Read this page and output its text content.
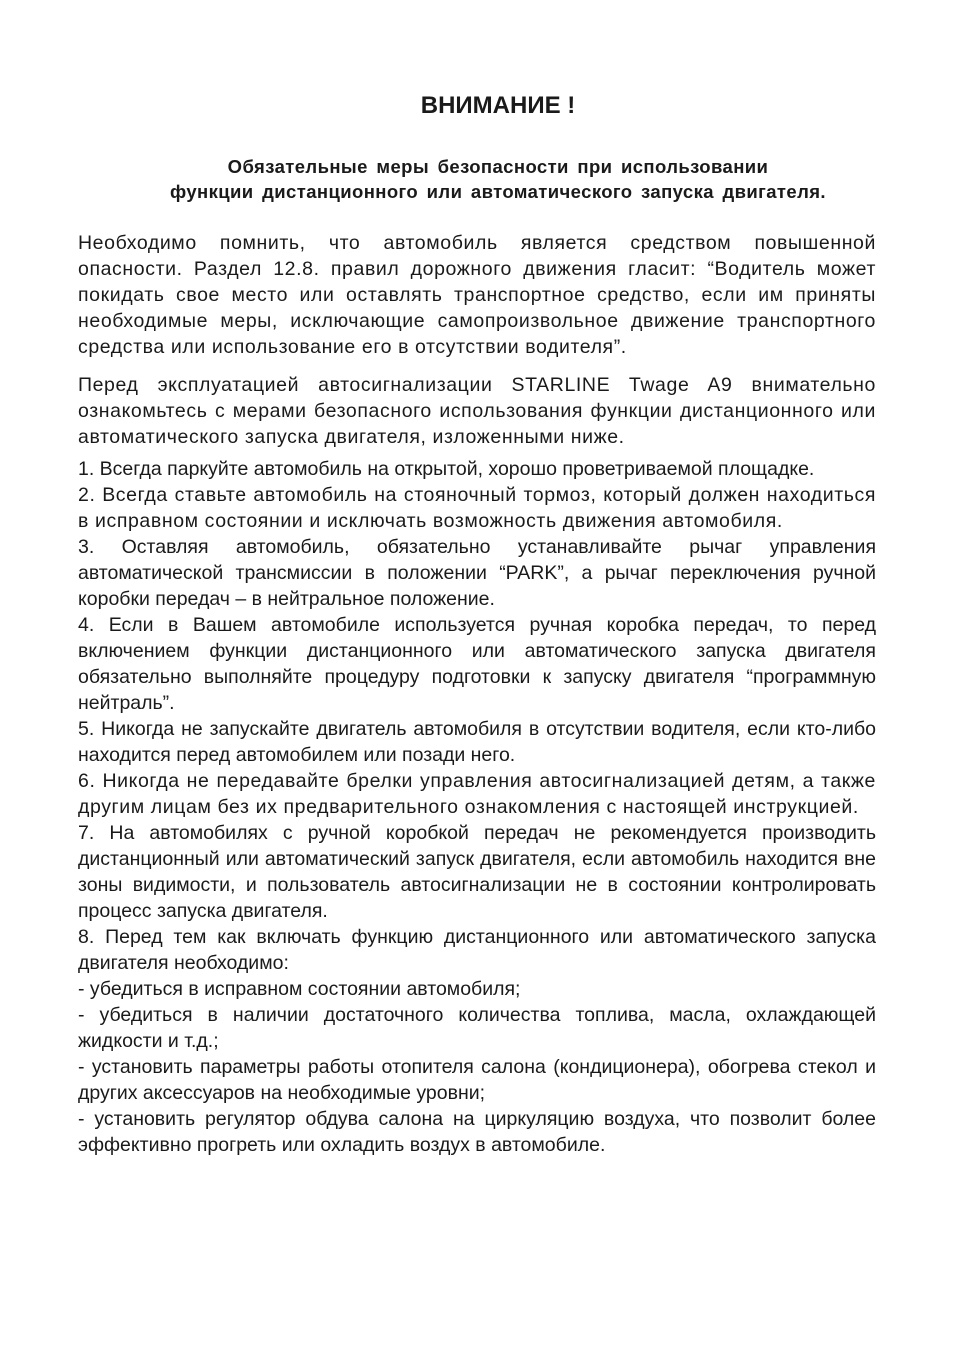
ВНИМАНИЕ !
Обязательные меры безопасности при использовании
функции дистанционного или автоматического запуска двигателя.

Необходимо помнить, что автомобиль является средством повышенной опасности. Раздел 12.8. правил дорожного движения гласит: “Водитель может покидать свое место или оставлять транспортное средство, если им приняты необходимые меры, исключающие самопроизвольное движение транспортного средства или использование его в отсутствии водителя”.

Перед эксплуатацией автосигнализации STARLINE Twage A9 внимательно ознакомьтесь с мерами безопасного использования функции дистанционного или автоматического запуска двигателя, изложенными ниже.

1. Всегда паркуйте автомобиль на открытой, хорошо проветриваемой площадке.

2. Всегда ставьте автомобиль на стояночный тормоз, который должен находиться в исправном состоянии и исключать возможность движения автомобиля.

3. Оставляя автомобиль, обязательно устанавливайте рычаг управления автоматической трансмиссии в положении “PARK”, а рычаг переключения ручной коробки передач – в нейтральное положение.

4. Если в Вашем автомобиле используется ручная коробка передач, то перед включением функции дистанционного или автоматического запуска двигателя обязательно выполняйте процедуру подготовки к запуску двигателя “программную нейтраль”.

5. Никогда не запускайте двигатель автомобиля в отсутствии водителя, если кто-либо находится перед автомобилем или позади него.

6. Никогда не передавайте брелки управления автосигнализацией детям, а также другим лицам без их предварительного ознакомления с настоящей инструкцией.

7. На автомобилях с ручной коробкой передач не рекомендуется производить дистанционный или автоматический запуск двигателя, если автомобиль находится вне зоны видимости, и пользователь автосигнализации не в состоянии контролировать процесс запуска двигателя.

8. Перед тем как включать функцию дистанционного или автоматического запуска двигателя необходимо:

- убедиться в исправном состоянии автомобиля;

- убедиться в наличии достаточного количества топлива, масла, охлаждающей жидкости и т.д.;

- установить параметры работы отопителя салона (кондиционера), обогрева стекол и других аксессуаров на необходимые уровни;

- установить регулятор обдува салона на циркуляцию воздуха, что позволит более эффективно прогреть или охладить воздух в автомобиле.
